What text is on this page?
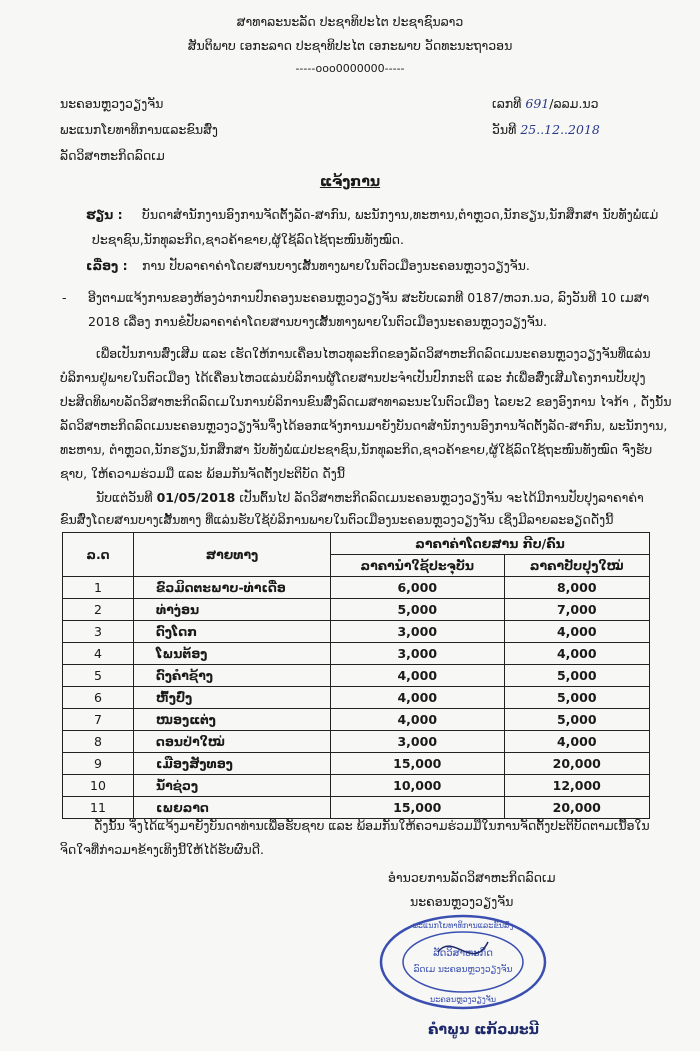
ສາທາລະນະລັດ ປະຊາທິປະໄຕ ປະຊາຊົນລາວ
ສັນຕິພາບ ເອກະລາດ ປະຊາທິປະໄຕ ເອກະພາບ ວັດທະນະຖາວອນ
-----ooo0000000-----
ນະຄອນຫຼວງວຽງຈັນ
ພະແນກໂຍທາທິການແລະຂົນສົ່ງ
ລັດວິສາຫະກິດລົດເມ
ເລກທີ 691/ລລມ.ນວ
ວັນທີ 25..12..2018
ແຈ້ງການ
ຮຽນ : ບັນດາສຳນັກງານອົງການຈັດຕັ້ງລັດ-ສາກົນ, ພະນັກງານ,ທະຫານ,ຕຳຫຼວດ,ນັກຮຽນ,ນັກສຶກສາ ນັບທັງພໍ່ແມ່
ປະຊາຊົນ,ນັກທຸລະກິດ,ຊາວຄ້າຂາຍ,ຜູ້ໃຊ້ລົດໄຊ້ຖະໜົນທັງໝົດ.
ເລື່ອງ : ການ ປັບລາຄາຄ່າໂດຍສານບາງເສັ້ນທາງພາຍໃນຕົວເມືອງນະຄອນຫຼວງວຽງຈັນ.
- ອີງຕາມແຈ້ງການຂອງຫ້ອງວ່າການປົກຄອງນະຄອນຫຼວງວຽງຈັນ ສະບັບເລກທີ 0187/ຫວກ.ນວ, ລົງວັນທີ 10 ເມສາ
2018 ເລື່ອງ ການຂໍປັບລາຄາຄ່າໂດຍສານບາງເສັ້ນທາງພາຍໃນຕົວເມືອງນະຄອນຫຼວງວຽງຈັນ.
ເພື່ອເປັນການສົ່ງເສີມ ແລະ ເຮັດໃຫ້ການເຄື່ອນໄຫວທຸລະກິດຂອງລັດວິສາຫະກິດລົດເມນະຄອນຫຼວງວຽງຈັນທີ່ແລ່ນ
ບໍລິການຢູ່ພາຍໃນຕົວເມືອງ ໄດ້ເຄື່ອນໄຫວແລ່ນບໍລິການຜູ້ໂດຍສານປະຈຳເປັນປົກກະຕິ ແລະ ກໍ່ເພື່ອສົ່ງເສີມໂຄງການປັບປຸງ
ປະສິດທິພາບລັດວິສາຫະກິດລົດເມໃນການບໍລິການຂົນສົ່ງລົດເມສາທາລະນະໃນຕົວເມືອງ ໄລຍະ2 ຂອງອົງການ ໄຈກ້າ , ດັ່ງນັ້ນ
ລັດວິສາຫະກິດລົດເມນະຄອນຫຼວງວຽງຈັນຈຶ່ງໄດ້ອອກແຈ້ງການມາຍັງບັນດາສຳນັກງານອົງການຈັດຕັ້ງລັດ-ສາກົນ, ພະນັກງານ,
ທະຫານ, ຕຳຫຼວດ,ນັກຮຽນ,ນັກສຶກສາ ນັບທັງພໍ່ແມ່ປະຊາຊົນ,ນັກທຸລະກິດ,ຊາວຄ້າຂາຍ,ຜູ້ໃຊ້ລົດໃຊ້ຖະໜົນທັງໝົດ ຈົ່ງຮັບ
ຊາບ, ໃຫ້ຄວາມຮ່ວມມື ແລະ ພ້ອມກັນຈັດຕັ້ງປະຕິບັດ ດັ່ງນີ້
ນັບແຕ່ວັນທີ 01/05/2018 ເປັນຕົ້ນໄປ ລັດວິສາຫະກິດລົດເມນະຄອນຫຼວງວຽງຈັນ ຈະໄດ້ມີການປັບປຸງລາຄາຄ່າ
ຂົນສົ່ງໂດຍສານບາງເສັ້ນທາງ ທີ່ແລ່ນຮັບໃຊ້ບໍລິການພາຍໃນຕົວເມືອງນະຄອນຫຼວງວຽງຈັນ ເຊິ່ງມີລາຍລະອຽດດັ່ງນີ້
ລ.ດ	ສາຍທາງ	ລາຄາຄ່າໂດຍສານ ກີບ/ຄົນ	
		ລາຄານຳໃຊ້ປະຈຸບັນ	ລາຄາປັບປຸງໃໝ່
1	ຂົວມິດຕະພາບ-ທ່າເດື່ອ	6,000	8,000
2	ທ່າງ່ອນ	5,000	7,000
3	ດົງໂດກ	3,000	4,000
4	ໂພນຕ້ອງ	3,000	4,000
5	ດົງຄຳຊ້າງ	4,000	5,000
6	ຫົ້ງປົ່ງ	4,000	5,000
7	ໜອງແຕ່ງ	4,000	5,000
8	ດອນປ່າໃໝ່	3,000	4,000
9	ເມືອງສັງທອງ	15,000	20,000
10	ນ້ຳຊ່ວງ	10,000	12,000
11	ເພຍລາດ	15,000	20,000
ດັ່ງນັ້ນ ຈຶ່ງໄດ້ແຈ້ງມາຍັງບັນດາທ່ານເພື່ອຮັບຊາບ ແລະ ພ້ອມກັນໃຫ້ຄວາມຮ່ວມມືໃນການຈັດຕັ້ງປະຕິບັດຕາມເນື້ອໃນ
ຈິດໃຈທີ່ກ່າວມາຂ້າງເທິງນີ້ໃຫ້ໄດ້ຮັບຜົນດີ.
ອຳນວຍການລັດວິສາຫະກິດລົດເມ
ນະຄອນຫຼວງວຽງຈັນ
ພະແນກໂຍທາທິການແລະຂົນສົ່ງ
ລັດວິສາຫະກິດ
ລົດເມ ນະຄອນຫຼວງວຽງຈັນ
ນະຄອນຫຼວງວຽງຈັນ
ຄຳພູນ ແກ້ວມະນີ
